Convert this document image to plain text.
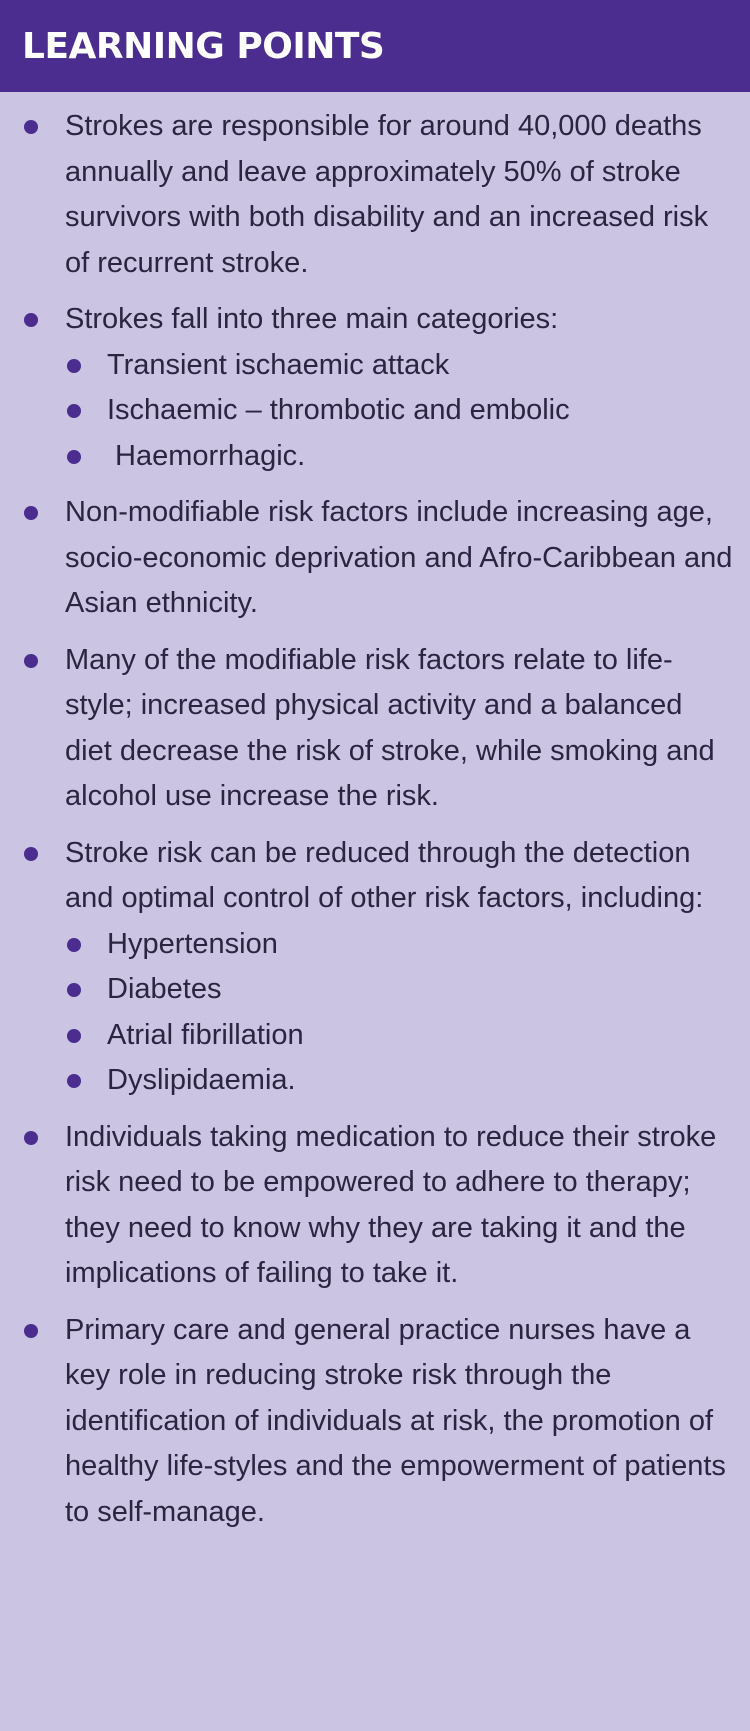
LEARNING POINTS
Strokes are responsible for around 40,000 deaths annually and leave approximately 50% of stroke survivors with both disability and an increased risk of recurrent stroke.
Strokes fall into three main categories:
Transient ischaemic attack
Ischaemic – thrombotic and embolic
Haemorrhagic.
Non-modifiable risk factors include increasing age, socio-economic deprivation and Afro-Caribbean and Asian ethnicity.
Many of the modifiable risk factors relate to life-style; increased physical activity and a balanced diet decrease the risk of stroke, while smoking and alcohol use increase the risk.
Stroke risk can be reduced through the detection and optimal control of other risk factors, including:
Hypertension
Diabetes
Atrial fibrillation
Dyslipidaemia.
Individuals taking medication to reduce their stroke risk need to be empowered to adhere to therapy; they need to know why they are taking it and the implications of failing to take it.
Primary care and general practice nurses have a key role in reducing stroke risk through the identification of individuals at risk, the promotion of healthy life-styles and the empowerment of patients to self-manage.
